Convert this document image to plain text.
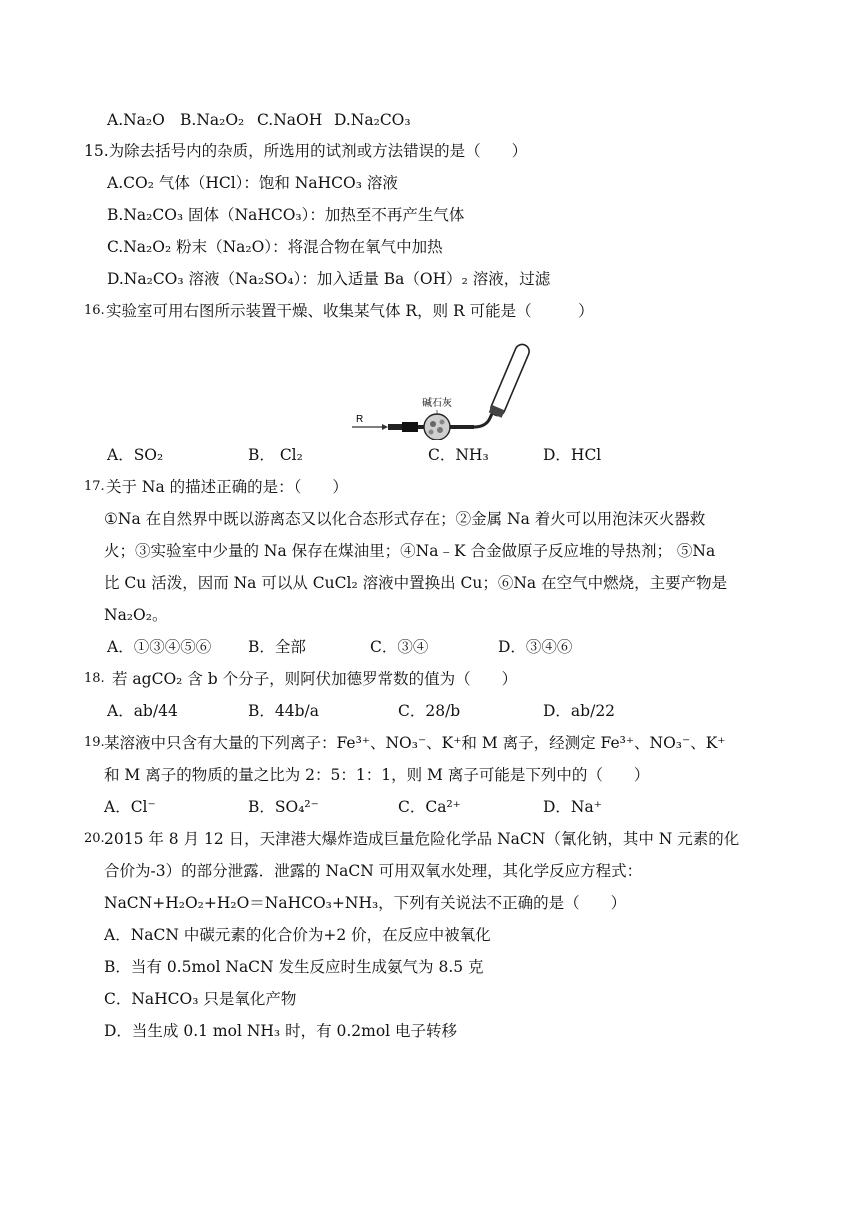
A.Na₂O B.Na₂O₂ C.NaOH D.Na₂CO₃
15.为除去括号内的杂质，所选用的试剂或方法错误的是（　　）
A.CO₂ 气体（HCl）：饱和 NaHCO₃ 溶液
B.Na₂CO₃ 固体（NaHCO₃）：加热至不再产生气体
C.Na₂O₂ 粉末（Na₂O）：将混合物在氧气中加热
D.Na₂CO₃ 溶液（Na₂SO₄）：加入适量 Ba（OH）₂ 溶液，过滤
16. 实验室可用右图所示装置干燥、收集某气体 R，则 R 可能是（　　　）
R
碱石灰
A．SO₂	B． Cl₂	C．NH₃	D．HCl
17. 关于 Na 的描述正确的是：（　　）
①Na 在自然界中既以游离态又以化合态形式存在；②金属 Na 着火可以用泡沫灭火器救
火；③实验室中少量的 Na 保存在煤油里；④Na﹣K 合金做原子反应堆的导热剂； ⑤Na
比 Cu 活泼，因而 Na 可以从 CuCl₂ 溶液中置换出 Cu；⑥Na 在空气中燃烧，主要产物是
Na₂O₂。
A．①③④⑤⑥ B．全部	C．③④	D．③④⑥
18. 若 agCO₂ 含 b 个分子，则阿伏加德罗常数的值为（　　）
A．ab/44	B．44b/a	C．28/b	D．ab/22
19. 某溶液中只含有大量的下列离子：Fe³⁺、NO₃⁻、K⁺和 M 离子，经测定 Fe³⁺、NO₃⁻、K⁺
和 M 离子的物质的量之比为 2：5：1：1，则 M 离子可能是下列中的（　　）
A．Cl⁻	B．SO₄²⁻	C．Ca²⁺	D．Na⁺
20. 2015 年 8 月 12 日，天津港大爆炸造成巨量危险化学品 NaCN（氰化钠，其中 N 元素的化
合价为-3）的部分泄露．泄露的 NaCN 可用双氧水处理，其化学反应方程式：
NaCN+H₂O₂+H₂O＝NaHCO₃+NH₃，下列有关说法不正确的是（　　）
A．NaCN 中碳元素的化合价为+2 价，在反应中被氧化
B．当有 0.5mol NaCN 发生反应时生成氨气为 8.5 克
C．NaHCO₃ 只是氧化产物
D．当生成 0.1 mol NH₃ 时，有 0.2mol 电子转移
